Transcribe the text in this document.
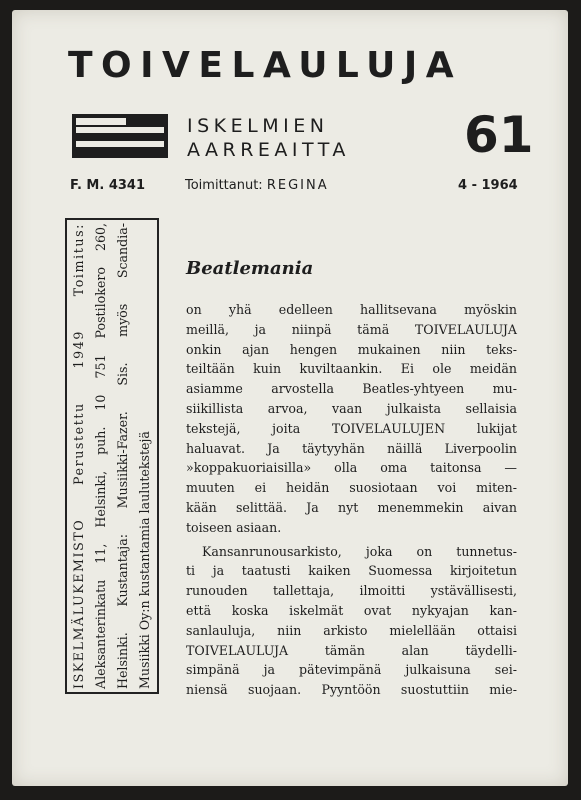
TOIVELAULUJA
ISKELMIEN
AARREAITTA 61
F. M. 4341	Toimittanut: REGINA	4 - 1964
ISKELMÄLUKEMISTO Perustettu 1949 Toimitus: Aleksanterinkatu 11, Helsinki, puh. 10 751 Postilokero 260, Helsinki. Kustantaja: Musiikki-Fazer. Sis. myös Scandia- Musiikki Oy:n kustantamia laulutekstejä
Beatlemania
on yhä edelleen hallitsevana myöskin
meillä, ja niinpä tämä TOIVELAULUJA
onkin ajan hengen mukainen niin teks-
teiltään kuin kuviltaankin. Ei ole meidän
asiamme arvostella Beatles-yhtyeen mu-
siikillista arvoa, vaan julkaista sellaisia
tekstejä, joita TOIVELAULUJEN lukijat
haluavat. Ja täytyyhän näillä Liverpoolin
»koppakuoriaisilla» olla oma taitonsa —
muuten ei heidän suosiotaan voi miten-
kään selittää. Ja nyt menemmekin aivan
toiseen asiaan.
Kansanrunousarkisto, joka on tunnetus-
ti ja taatusti kaiken Suomessa kirjoitetun
runouden tallettaja, ilmoitti ystävällisesti,
että koska iskelmät ovat nykyajan kan-
sanlauluja, niin arkisto mielellään ottaisi
TOIVELAULUJA tämän alan täydelli-
simpänä ja pätevimpänä julkaisuna sei-
niensä suojaan. Pyyntöön suostuttiin mie-
